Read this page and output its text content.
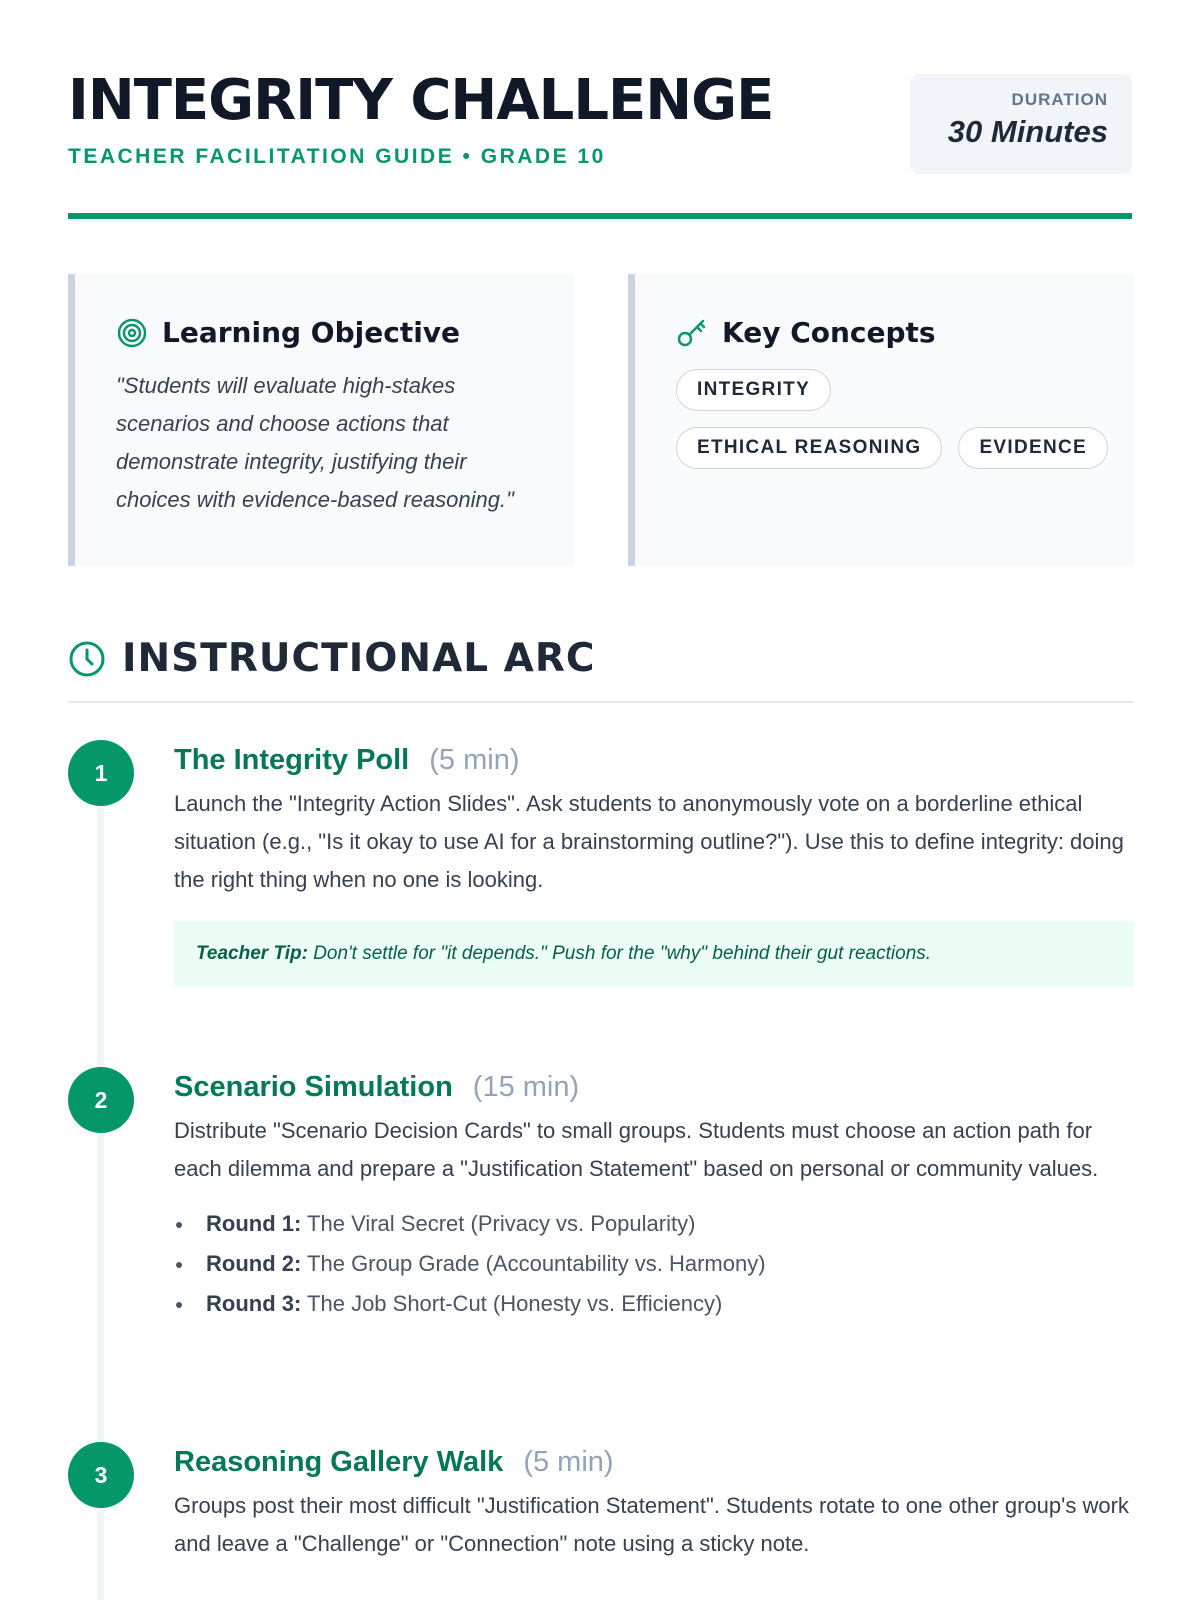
INTEGRITY CHALLENGE
TEACHER FACILITATION GUIDE • GRADE 10
DURATION
30 Minutes
Learning Objective

"Students will evaluate high-stakes scenarios and choose actions that demonstrate integrity, justifying their choices with evidence-based reasoning."

Key Concepts
INTEGRITY
ETHICAL REASONING	EVIDENCE
INSTRUCTIONAL ARC
1	The Integrity Poll (5 min)

Launch the "Integrity Action Slides". Ask students to anonymously vote on a borderline ethical situation (e.g., "Is it okay to use AI for a brainstorming outline?"). Use this to define integrity: doing the right thing when no one is looking.

Teacher Tip: Don't settle for "it depends." Push for the "why" behind their gut reactions.
2	Scenario Simulation (15 min)

Distribute "Scenario Decision Cards" to small groups. Students must choose an action path for each dilemma and prepare a "Justification Statement" based on personal or community values.

Round 1: The Viral Secret (Privacy vs. Popularity)
Round 2: The Group Grade (Accountability vs. Harmony)
Round 3: The Job Short-Cut (Honesty vs. Efficiency)
3	Reasoning Gallery Walk (5 min)

Groups post their most difficult "Justification Statement". Students rotate to one other group's work and leave a "Challenge" or "Connection" note using a sticky note.
